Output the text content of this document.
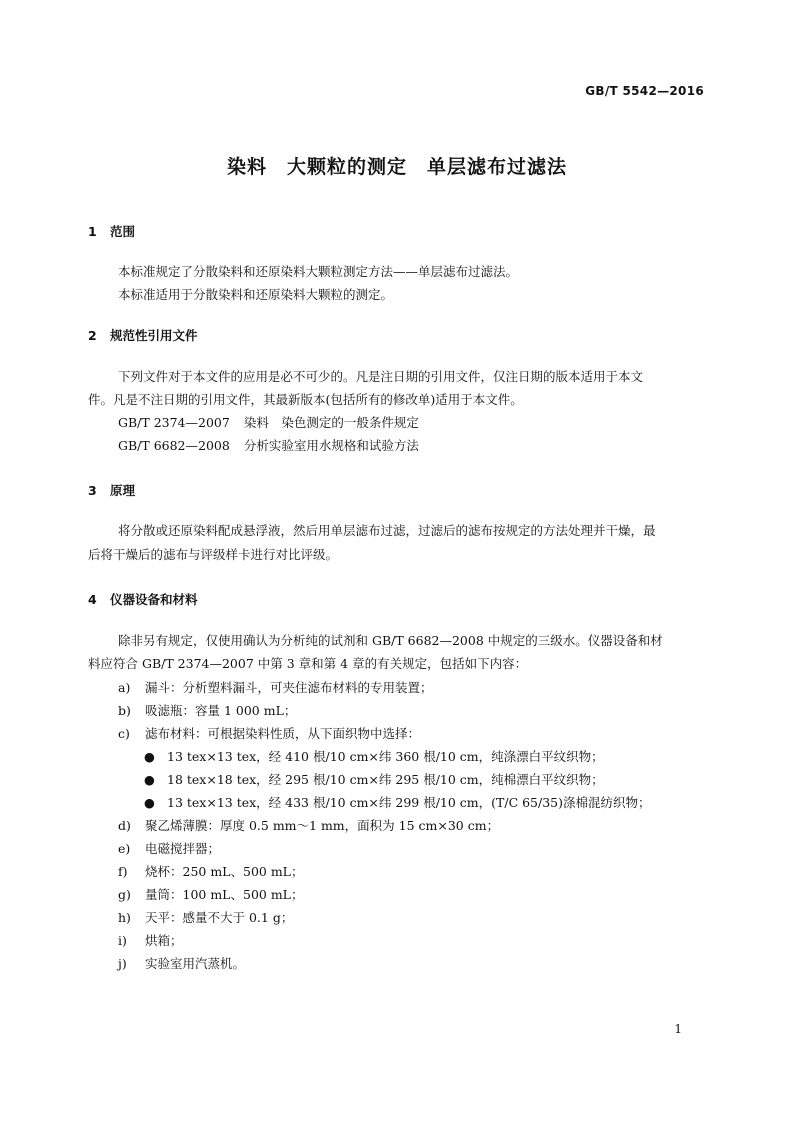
GB/T 5542—2016
染料　大颗粒的测定　单层滤布过滤法
1 范围
本标准规定了分散染料和还原染料大颗粒测定方法——单层滤布过滤法。
本标准适用于分散染料和还原染料大颗粒的测定。
2 规范性引用文件
下列文件对于本文件的应用是必不可少的。凡是注日期的引用文件，仅注日期的版本适用于本文
件。凡是不注日期的引用文件，其最新版本(包括所有的修改单)适用于本文件。
GB/T 2374—2007 染料　染色测定的一般条件规定
GB/T 6682—2008 分析实验室用水规格和试验方法
3 原理
将分散或还原染料配成悬浮液，然后用单层滤布过滤，过滤后的滤布按规定的方法处理并干燥，最
后将干燥后的滤布与评级样卡进行对比评级。
4 仪器设备和材料
除非另有规定，仅使用确认为分析纯的试剂和 GB/T 6682—2008 中规定的三级水。仪器设备和材
料应符合 GB/T 2374—2007 中第 3 章和第 4 章的有关规定，包括如下内容：
a) 漏斗：分析塑料漏斗，可夹住滤布材料的专用装置；
b) 吸滤瓶：容量 1 000 mL；
c) 滤布材料：可根据染料性质，从下面织物中选择：
● 13 tex×13 tex，经 410 根/10 cm×纬 360 根/10 cm，纯涤漂白平纹织物；
● 18 tex×18 tex，经 295 根/10 cm×纬 295 根/10 cm，纯棉漂白平纹织物；
● 13 tex×13 tex，经 433 根/10 cm×纬 299 根/10 cm，(T/C 65/35)涤棉混纺织物；
d) 聚乙烯薄膜：厚度 0.5 mm～1 mm，面积为 15 cm×30 cm；
e) 电磁搅拌器；
f) 烧杯：250 mL、500 mL；
g) 量筒：100 mL、500 mL；
h) 天平：感量不大于 0.1 g；
i) 烘箱；
j) 实验室用汽蒸机。
1
